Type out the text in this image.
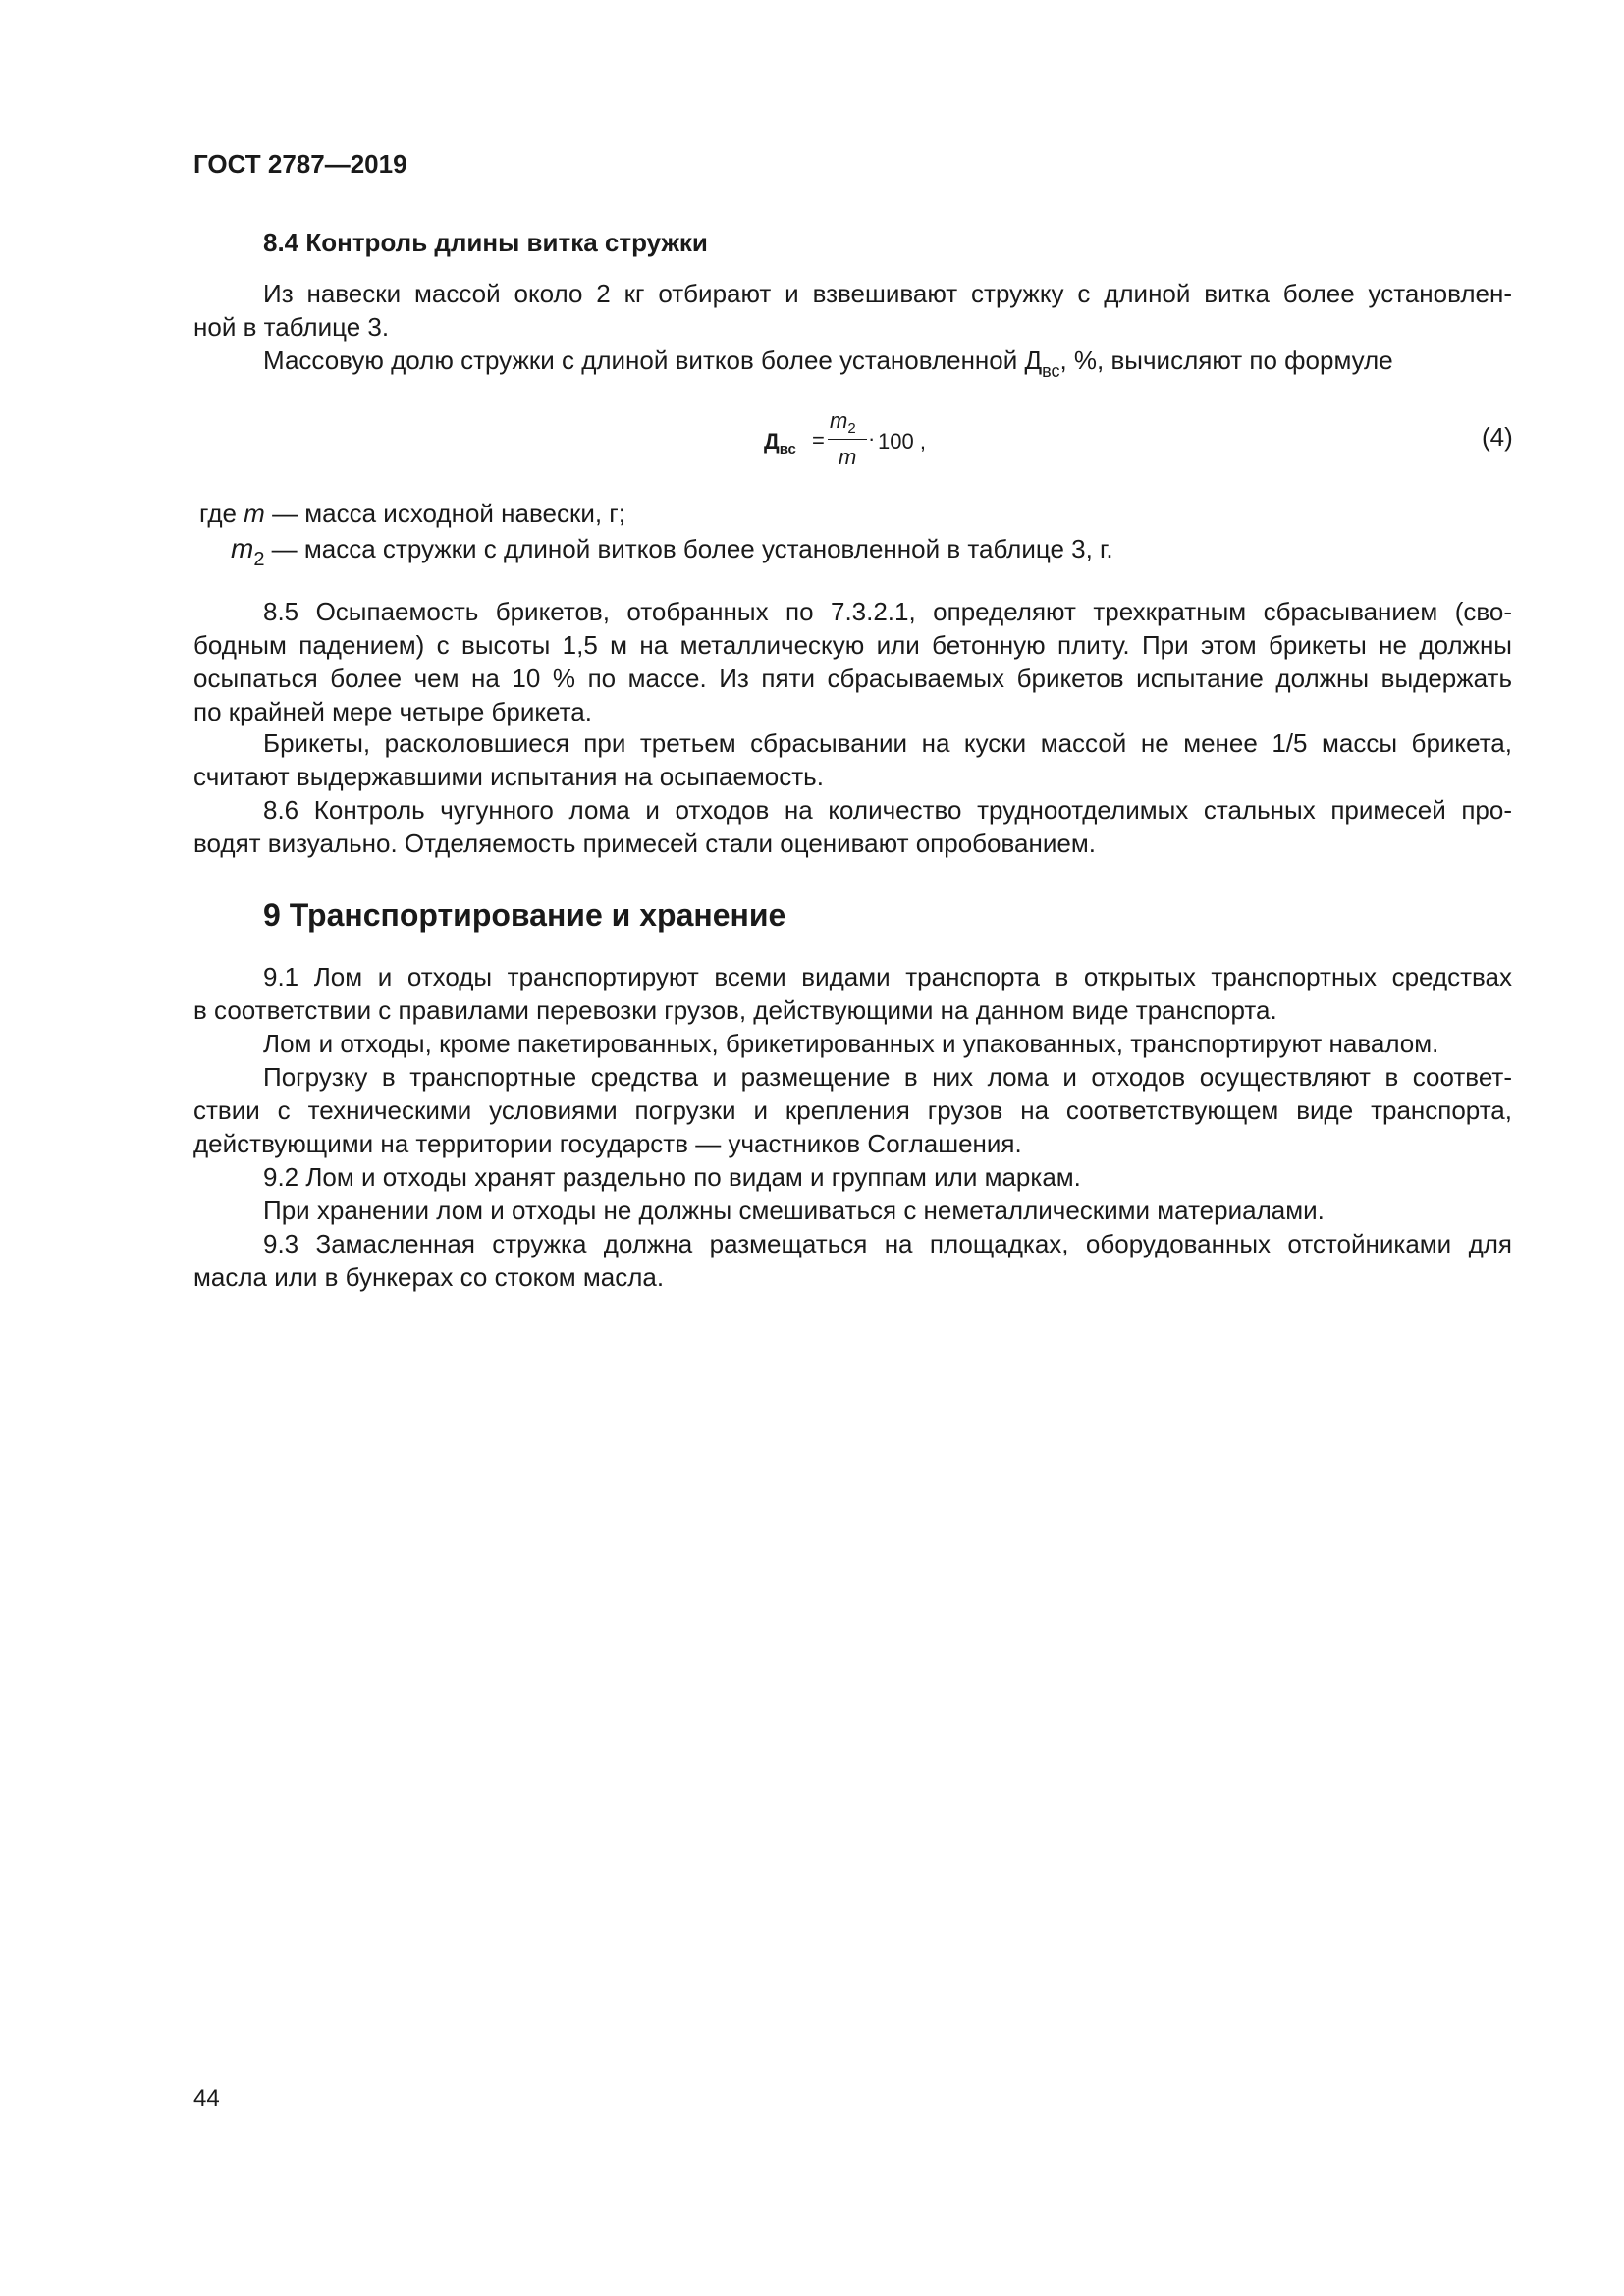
ГОСТ 2787—2019
8.4 Контроль длины витка стружки
Из навески массой около 2 кг отбирают и взвешивают стружку с длиной витка более установлен-
ной в таблице 3.
Массовую долю стружки с длиной витков более установленной $Д_{вс}$, %, вычисляют по формуле
$Д_{вс}$ =
$m_2$
m
· 100 ,	(4)
где m — масса исходной навески, г;
$m_2$ — масса стружки с длиной витков более установленной в таблице 3, г.
8.5 Осыпаемость брикетов, отобранных по 7.3.2.1, определяют трехкратным сбрасыванием (сво-
бодным падением) с высоты 1,5 м на металлическую или бетонную плиту. При этом брикеты не должны
осыпаться более чем на 10 % по массе. Из пяти сбрасываемых брикетов испытание должны выдержать
по крайней мере четыре брикета.
Брикеты, расколовшиеся при третьем сбрасывании на куски массой не менее 1/5 массы брикета,
считают выдержавшими испытания на осыпаемость.
8.6 Контроль чугунного лома и отходов на количество трудноотделимых стальных примесей про-
водят визуально. Отделяемость примесей стали оценивают опробованием.
9 Транспортирование и хранение
9.1 Лом и отходы транспортируют всеми видами транспорта в открытых транспортных средствах
в соответствии с правилами перевозки грузов, действующими на данном виде транспорта.
Лом и отходы, кроме пакетированных, брикетированных и упакованных, транспортируют навалом.
Погрузку в транспортные средства и размещение в них лома и отходов осуществляют в соответ-
ствии с техническими условиями погрузки и крепления грузов на соответствующем виде транспорта,
действующими на территории государств — участников Соглашения.
9.2 Лом и отходы хранят раздельно по видам и группам или маркам.
При хранении лом и отходы не должны смешиваться с неметаллическими материалами.
9.3 Замасленная стружка должна размещаться на площадках, оборудованных отстойниками для
масла или в бункерах со стоком масла.
44
